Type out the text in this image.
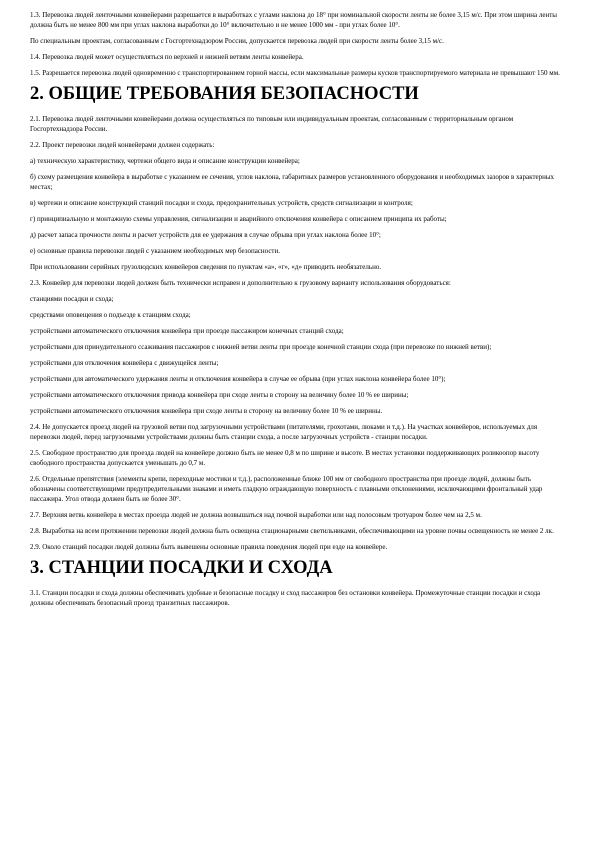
1.3. Перевозка людей ленточными конвейерами разрешается в выработках с углами наклона до 18° при номинальной скорости ленты не более 3,15 м/с. При этом ширина ленты должна быть не менее 800 мм при углах наклона выработки до 10° включительно и не менее 1000 мм - при углах более 10°.

По специальным проектам, согласованным с Госгортехнадзором России, допускается перевозка людей при скорости ленты более 3,15 м/с.

1.4. Перевозка людей может осуществляться по верхней и нижней ветвям ленты конвейера.

1.5. Разрешается перевозка людей одновременно с транспортированием горной массы, если максимальные размеры кусков транспортируемого материала не превышают 150 мм.

2. ОБЩИЕ ТРЕБОВАНИЯ БЕЗОПАСНОСТИ

2.1. Перевозка людей ленточными конвейерами должна осуществляться по типовым или индивидуальным проектам, согласованным с территориальным органом Госгортехнадзора России.

2.2. Проект перевозки людей конвейерами должен содержать:

а) техническую характеристику, чертежи общего вида и описание конструкции конвейера;

б) схему размещения конвейера в выработке с указанием ее сечения, углов наклона, габаритных размеров установленного оборудования и необходимых зазоров в характерных местах;

в) чертежи и описание конструкций станций посадки и схода, предохранительных устройств, средств сигнализации и контроля;

г) принципиальную и монтажную схемы управления, сигнализации и аварийного отключения конвейера с описанием принципа их работы;

д) расчет запаса прочности ленты и расчет устройств для ее удержания в случае обрыва при углах наклона более 10°;

е) основные правила перевозки людей с указанием необходимых мер безопасности.

При использовании серийных грузолюдских конвейеров сведения по пунктам «а», «г», «д» приводить необязательно.

2.3. Конвейер для перевозки людей должен быть технически исправен и дополнительно к грузовому варианту использования оборудоваться:

станциями посадки и схода;

средствами оповещения о подъезде к станциям схода;

устройствами автоматического отключения конвейера при проезде пассажиром конечных станций схода;

устройствами для принудительного ссаживания пассажиров с нижней ветви ленты при проезде конечной станции схода (при перевозке по нижней ветви);

устройствами для отключения конвейера с движущейся ленты;

устройствами для автоматического удержания ленты и отключения конвейера в случае ее обрыва (при углах наклона конвейера более 10°);

устройствами автоматического отключения привода конвейера при сходе ленты в сторону на величину более 10 % ее ширины;

устройствами автоматического отключения конвейера при сходе ленты в сторону на величину более 10 % ее ширины.

2.4. Не допускается проезд людей на грузовой ветви под загрузочными устройствами (питателями, грохотами, люками и т.д.). На участках конвейеров, используемых для перевозки людей, перед загрузочными устройствами должны быть станции схода, а после загрузочных устройств - станции посадки.

2.5. Свободное пространство для проезда людей на конвейере должно быть не менее 0,8 м по ширине и высоте. В местах установки поддерживающих роликоопор высоту свободного пространства допускается уменьшать до 0,7 м.

2.6. Отдельные препятствия (элементы крепи, переходные мостики и т.д.), расположенные ближе 100 мм от свободного пространства при проезде людей, должны быть обозначены соответствующими предупредительными знаками и иметь гладкую ограждающую поверхность с плавными отклонениями, исключающими фронтальный удар пассажира. Угол отвода должен быть не более 30°.

2.7. Верхняя ветвь конвейера в местах проезда людей не должна возвышаться над почвой выработки или над полосовым тротуаром более чем на 2,5 м.

2.8. Выработка на всем протяжении перевозки людей должна быть освещена стационарными светильниками, обеспечивающими на уровне почвы освещенность не менее 2 лк.

2.9. Около станций посадки людей должны быть вывешены основные правила поведения людей при езде на конвейере.

3. СТАНЦИИ ПОСАДКИ И СХОДА

3.1. Станции посадки и схода должны обеспечивать удобные и безопасные посадку и сход пассажиров без остановки конвейера. Промежуточные станции посадки и схода должны обеспечивать безопасный проезд транзитных пассажиров.
